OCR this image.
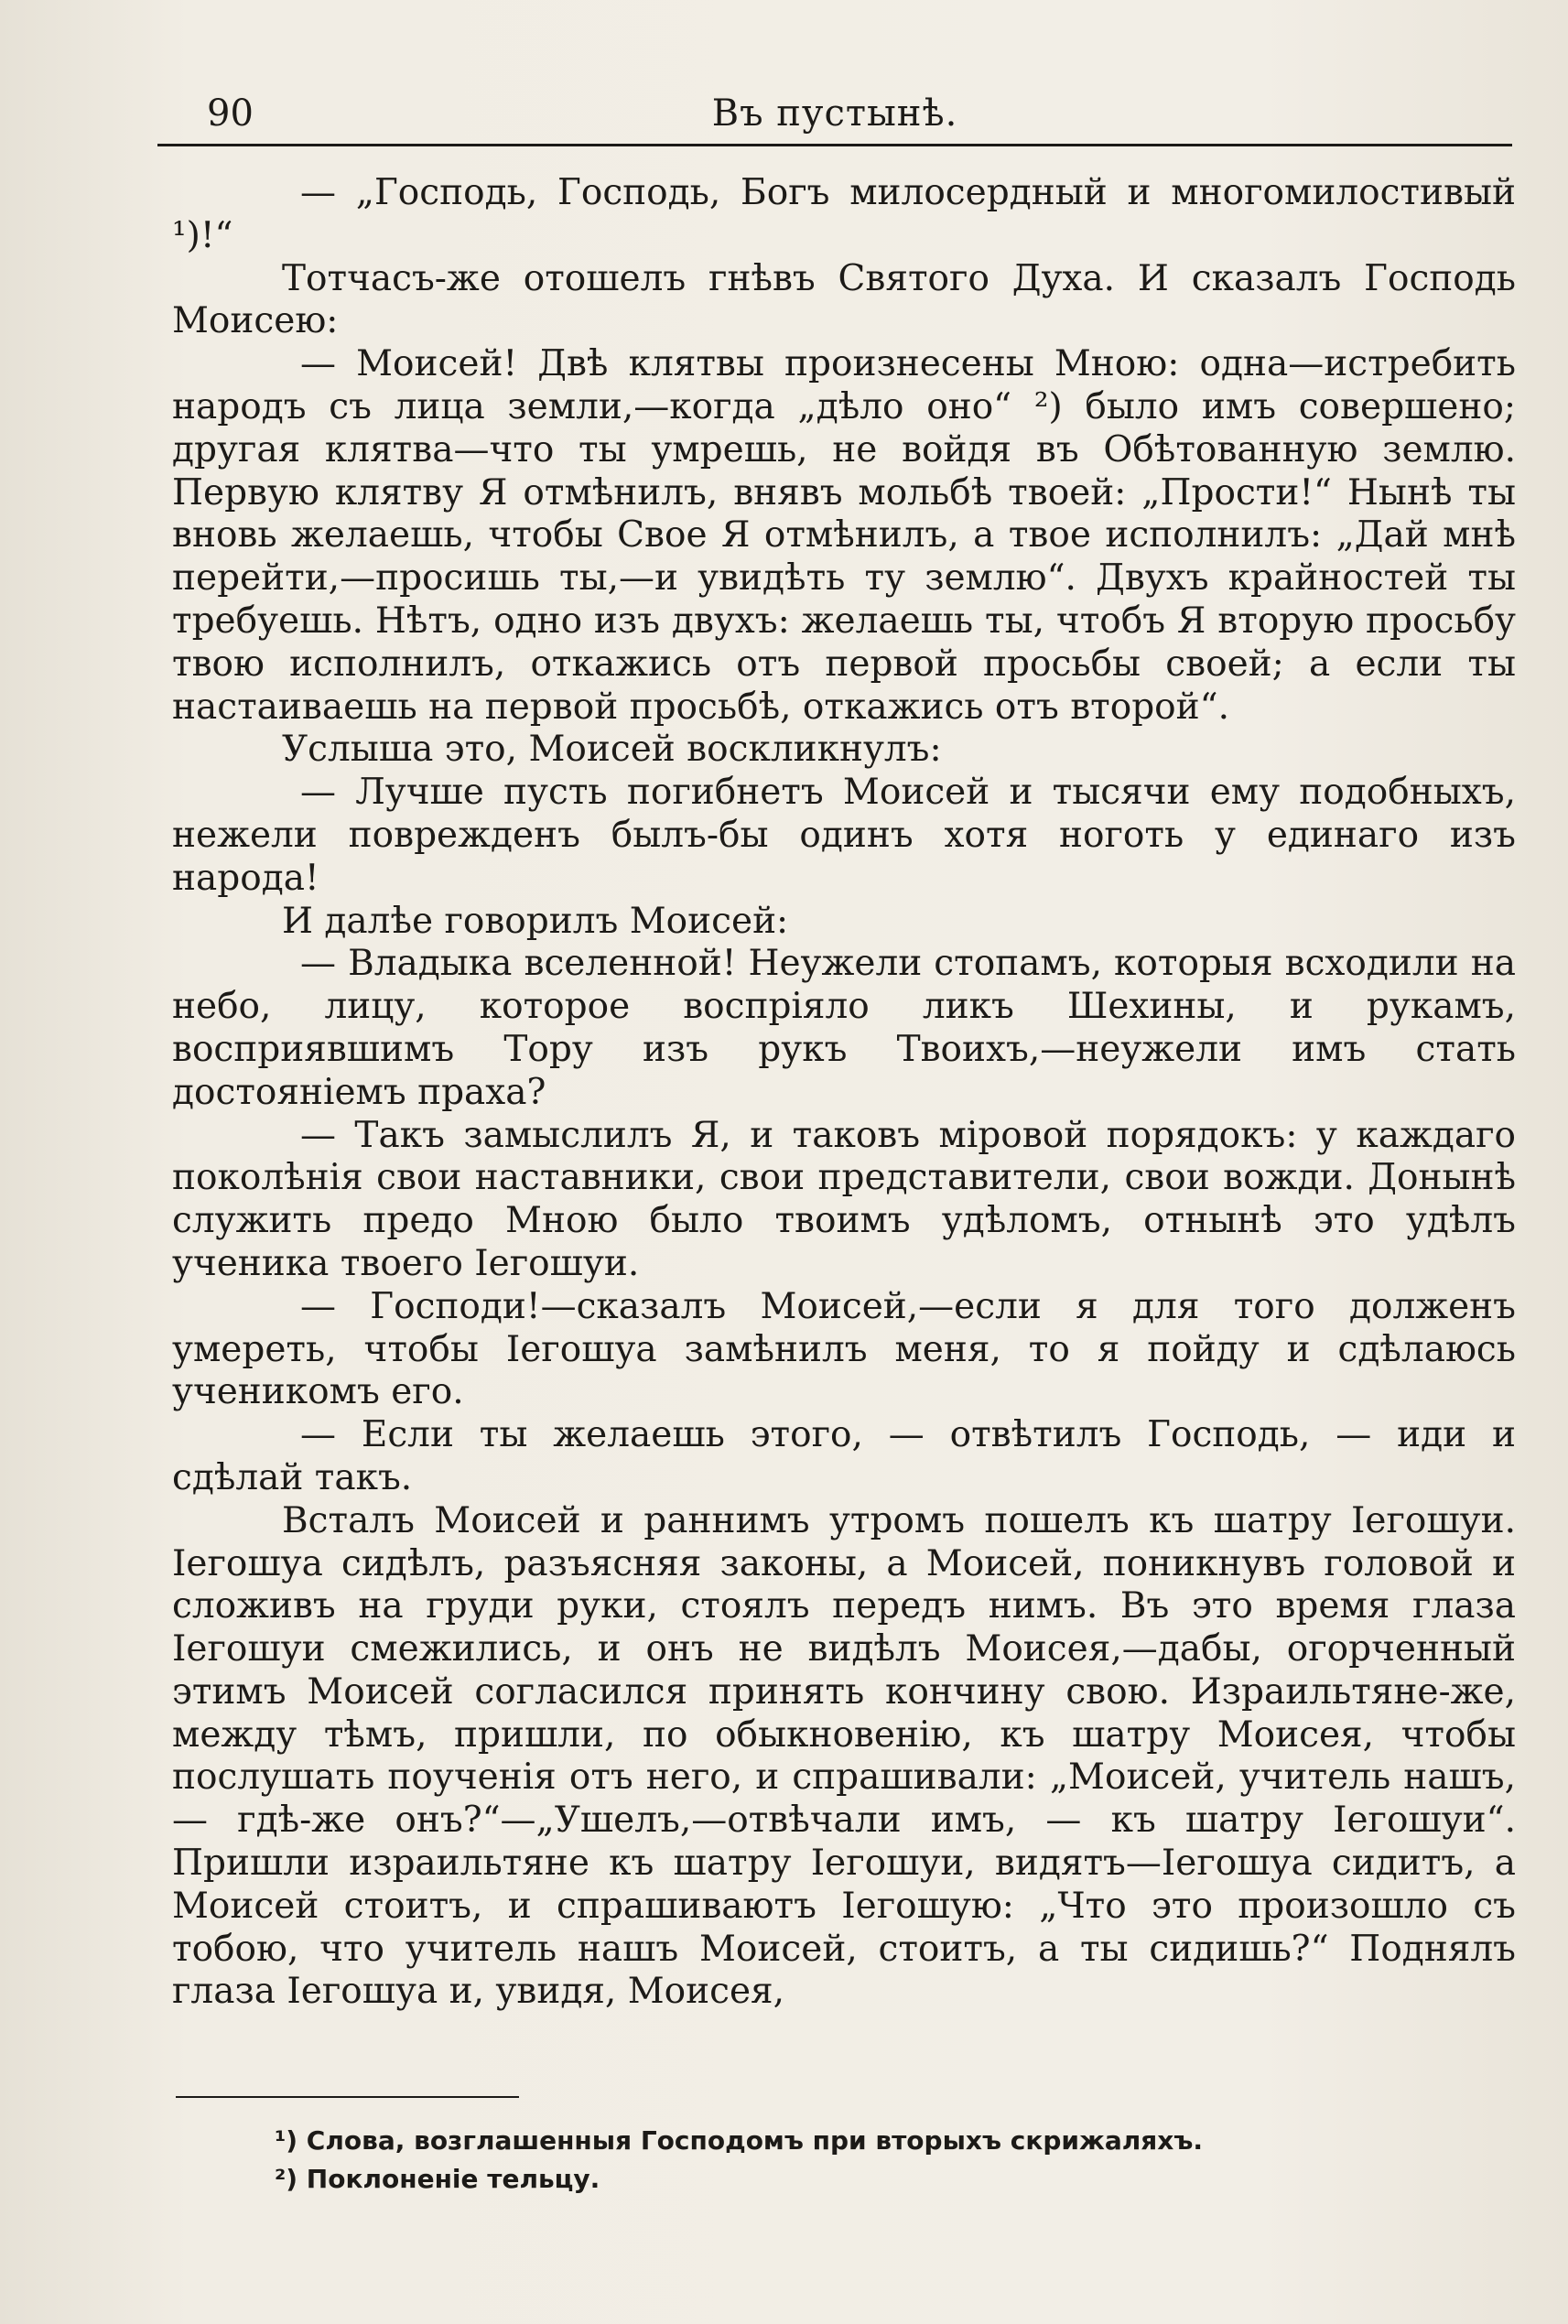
90	Въ пустынѣ.

— „Господь, Господь, Богъ милосердный и многомилостивый ¹)!“

Тотчасъ-же отошелъ гнѣвъ Святого Духа. И сказалъ Господь Моисею:

— Моисей! Двѣ клятвы произнесены Мною: одна—истребить народъ съ лица земли,—когда „дѣло оно“ ²) было имъ совершено; другая клятва—что ты умрешь, не войдя въ Обѣтованную землю. Первую клятву Я отмѣнилъ, внявъ мольбѣ твоей: „Прости!“ Нынѣ ты вновь желаешь, чтобы Свое Я отмѣнилъ, а твое исполнилъ: „Дай мнѣ перейти,—просишь ты,—и увидѣть ту землю“. Двухъ крайностей ты требуешь. Нѣтъ, одно изъ двухъ: желаешь ты, чтобъ Я вторую просьбу твою исполнилъ, откажись отъ первой просьбы своей; а если ты настаиваешь на первой просьбѣ, откажись отъ второй“.

Услыша это, Моисей воскликнулъ:

— Лучше пусть погибнетъ Моисей и тысячи ему подобныхъ, нежели поврежденъ былъ-бы одинъ хотя ноготь у единаго изъ народа!

И далѣе говорилъ Моисей:

— Владыка вселенной! Неужели стопамъ, которыя всходили на небо, лицу, которое воспріяло ликъ Шехины, и рукамъ, восприявшимъ Тору изъ рукъ Твоихъ,—неужели имъ стать достояніемъ праха?

— Такъ замыслилъ Я, и таковъ міровой порядокъ: у каждаго поколѣнія свои наставники, свои представители, свои вожди. Донынѣ служить предо Мною было твоимъ удѣломъ, отнынѣ это удѣлъ ученика твоего Іегошуи.

— Господи!—сказалъ Моисей,—если я для того долженъ умереть, чтобы Іегошуа замѣнилъ меня, то я пойду и сдѣлаюсь ученикомъ его.

— Если ты желаешь этого, — отвѣтилъ Господь, — иди и сдѣлай такъ.

Всталъ Моисей и раннимъ утромъ пошелъ къ шатру Іегошуи. Іегошуа сидѣлъ, разъясняя законы, а Моисей, поникнувъ головой и сложивъ на груди руки, стоялъ передъ нимъ. Въ это время глаза Іегошуи смежились, и онъ не видѣлъ Моисея,—дабы, огорченный этимъ Моисей согласился принять кончину свою. Израильтяне-же, между тѣмъ, пришли, по обыкновенію, къ шатру Моисея, чтобы послушать поученія отъ него, и спрашивали: „Моисей, учитель нашъ, — гдѣ-же онъ?“—„Ушелъ,—отвѣчали имъ, — къ шатру Іегошуи“. Пришли израильтяне къ шатру Іегошуи, видятъ—Іегошуа сидитъ, а Моисей стоитъ, и спрашиваютъ Іегошую: „Что это произошло съ тобою, что учитель нашъ Моисей, стоитъ, а ты сидишь?“ Поднялъ глаза Іегошуа и, увидя, Моисея,

¹) Слова, возглашенныя Господомъ при вторыхъ скрижаляхъ.
²) Поклоненіе тельцу.
